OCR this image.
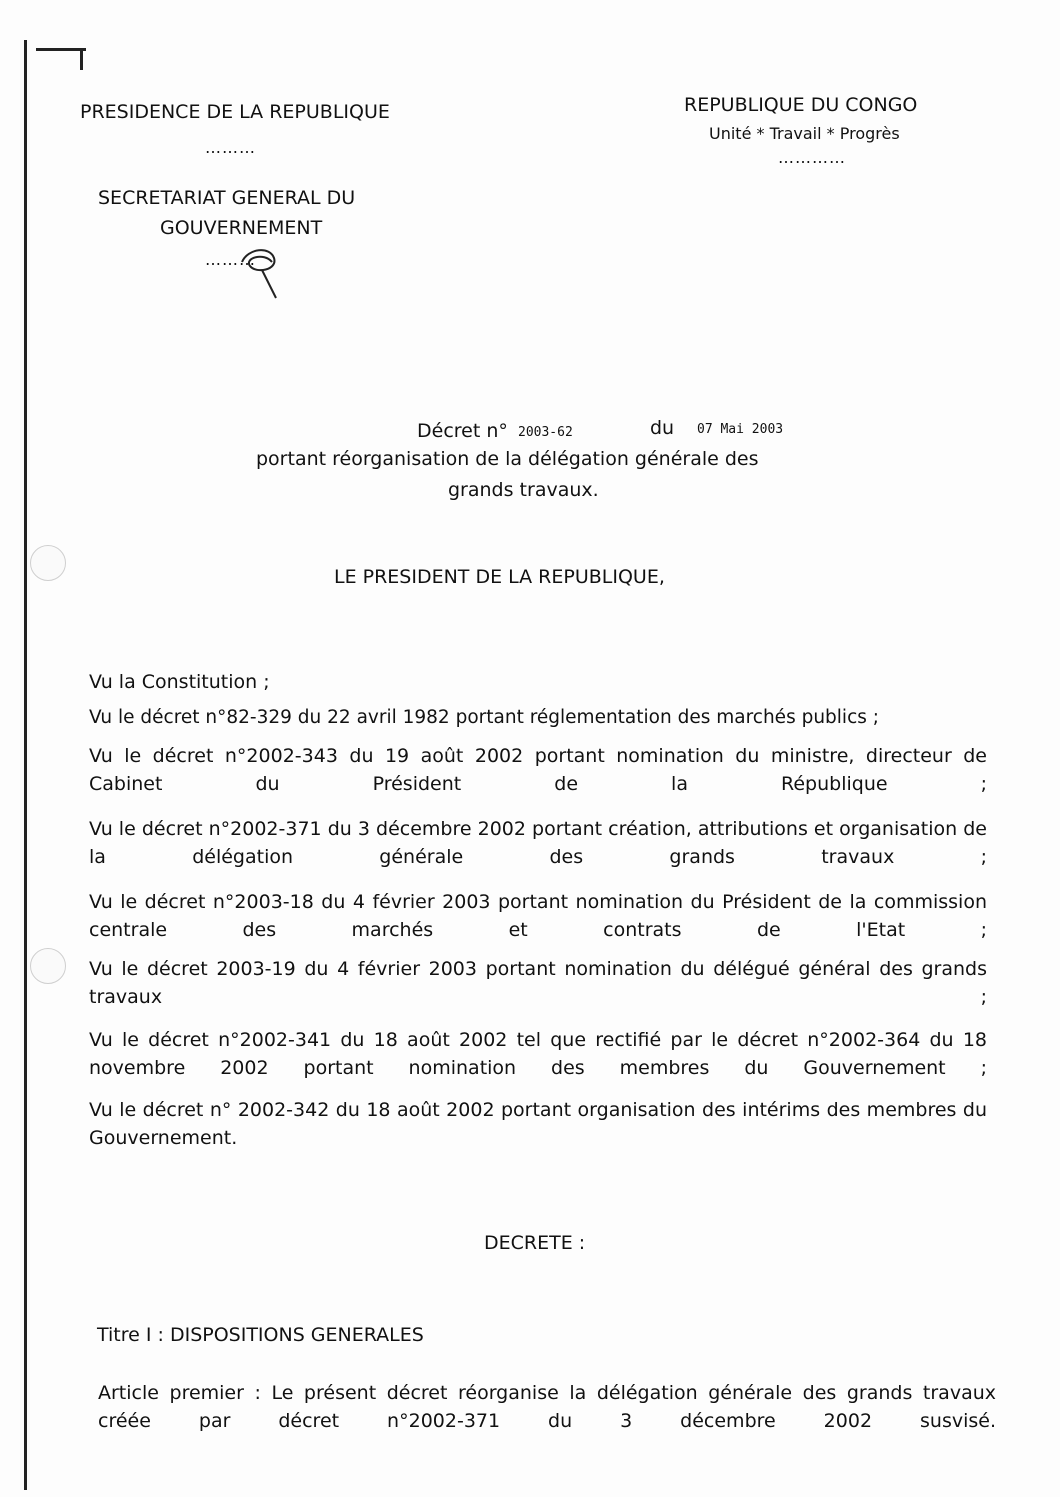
PRESIDENCE DE LA REPUBLIQUE
………
SECRETARIAT GENERAL DU
GOUVERNEMENT
………
REPUBLIQUE DU CONGO
Unité * Travail * Progrès
…………
Décret n° 2003-62	du 07 Mai 2003
portant réorganisation de la délégation générale des
grands travaux.
LE PRESIDENT DE LA REPUBLIQUE,
Vu la Constitution ;
Vu le décret n°82-329 du 22 avril 1982 portant réglementation des marchés publics ;
Vu le décret n°2002-343 du 19 août 2002 portant nomination du ministre, directeur de Cabinet du Président de la République ;
Vu le décret n°2002-371 du 3 décembre 2002 portant création, attributions et organisation de la délégation générale des grands travaux ;
Vu le décret n°2003-18 du 4 février 2003 portant nomination du Président de la commission centrale des marchés et contrats de l'Etat ;
Vu le décret 2003-19 du 4 février 2003 portant nomination du délégué général des grands travaux ;
Vu le décret n°2002-341 du 18 août 2002 tel que rectifié par le décret n°2002-364 du 18 novembre 2002 portant nomination des membres du Gouvernement ;
Vu le décret n° 2002-342 du 18 août 2002 portant organisation des intérims des membres du Gouvernement.
DECRETE :
Titre I : DISPOSITIONS GENERALES
Article premier : Le présent décret réorganise la délégation générale des grands travaux créée par décret n°2002-371 du 3 décembre 2002 susvisé.
